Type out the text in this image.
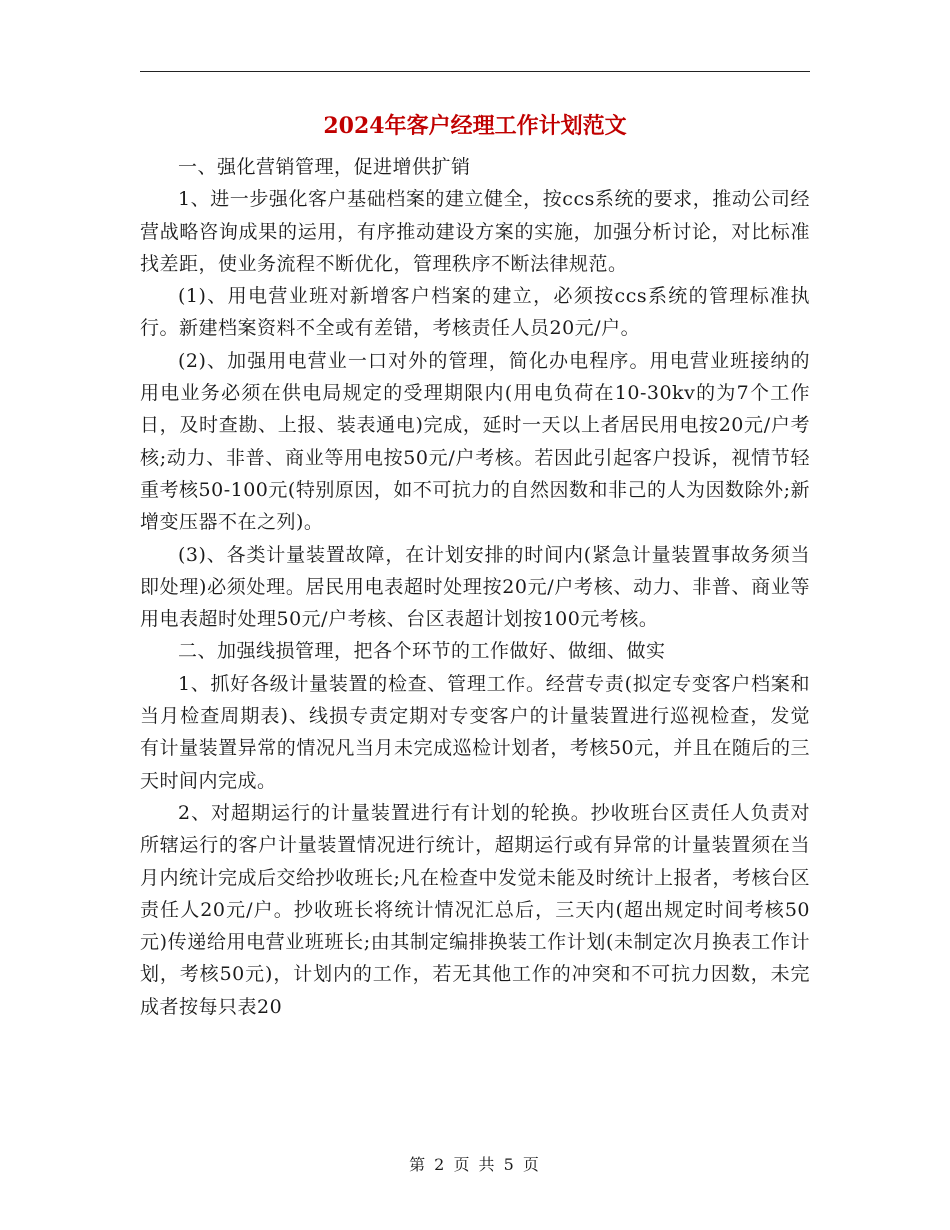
2024年客户经理工作计划范文

一、强化营销管理，促进增供扩销

1、进一步强化客户基础档案的建立健全，按ccs系统的要求，推动公司经营战略咨询成果的运用，有序推动建设方案的实施，加强分析讨论，对比标准找差距，使业务流程不断优化，管理秩序不断法律规范。

(1)、用电营业班对新增客户档案的建立，必须按ccs系统的管理标准执行。新建档案资料不全或有差错，考核责任人员20元/户。

(2)、加强用电营业一口对外的管理，简化办电程序。用电营业班接纳的用电业务必须在供电局规定的受理期限内(用电负荷在10-30kv的为7个工作日，及时查勘、上报、装表通电)完成，延时一天以上者居民用电按20元/户考核;动力、非普、商业等用电按50元/户考核。若因此引起客户投诉，视情节轻重考核50-100元(特别原因，如不可抗力的自然因数和非己的人为因数除外;新增变压器不在之列)。

(3)、各类计量装置故障，在计划安排的时间内(紧急计量装置事故务须当即处理)必须处理。居民用电表超时处理按20元/户考核、动力、非普、商业等用电表超时处理50元/户考核、台区表超计划按100元考核。

二、加强线损管理，把各个环节的工作做好、做细、做实

1、抓好各级计量装置的检查、管理工作。经营专责(拟定专变客户档案和当月检查周期表)、线损专责定期对专变客户的计量装置进行巡视检查，发觉有计量装置异常的情况凡当月未完成巡检计划者，考核50元，并且在随后的三天时间内完成。

2、对超期运行的计量装置进行有计划的轮换。抄收班台区责任人负责对所辖运行的客户计量装置情况进行统计，超期运行或有异常的计量装置须在当月内统计完成后交给抄收班长;凡在检查中发觉未能及时统计上报者，考核台区责任人20元/户。抄收班长将统计情况汇总后，三天内(超出规定时间考核50元)传递给用电营业班班长;由其制定编排换装工作计划(未制定次月换表工作计划，考核50元)，计划内的工作，若无其他工作的冲突和不可抗力因数，未完成者按每只表20

第 2 页 共 5 页
